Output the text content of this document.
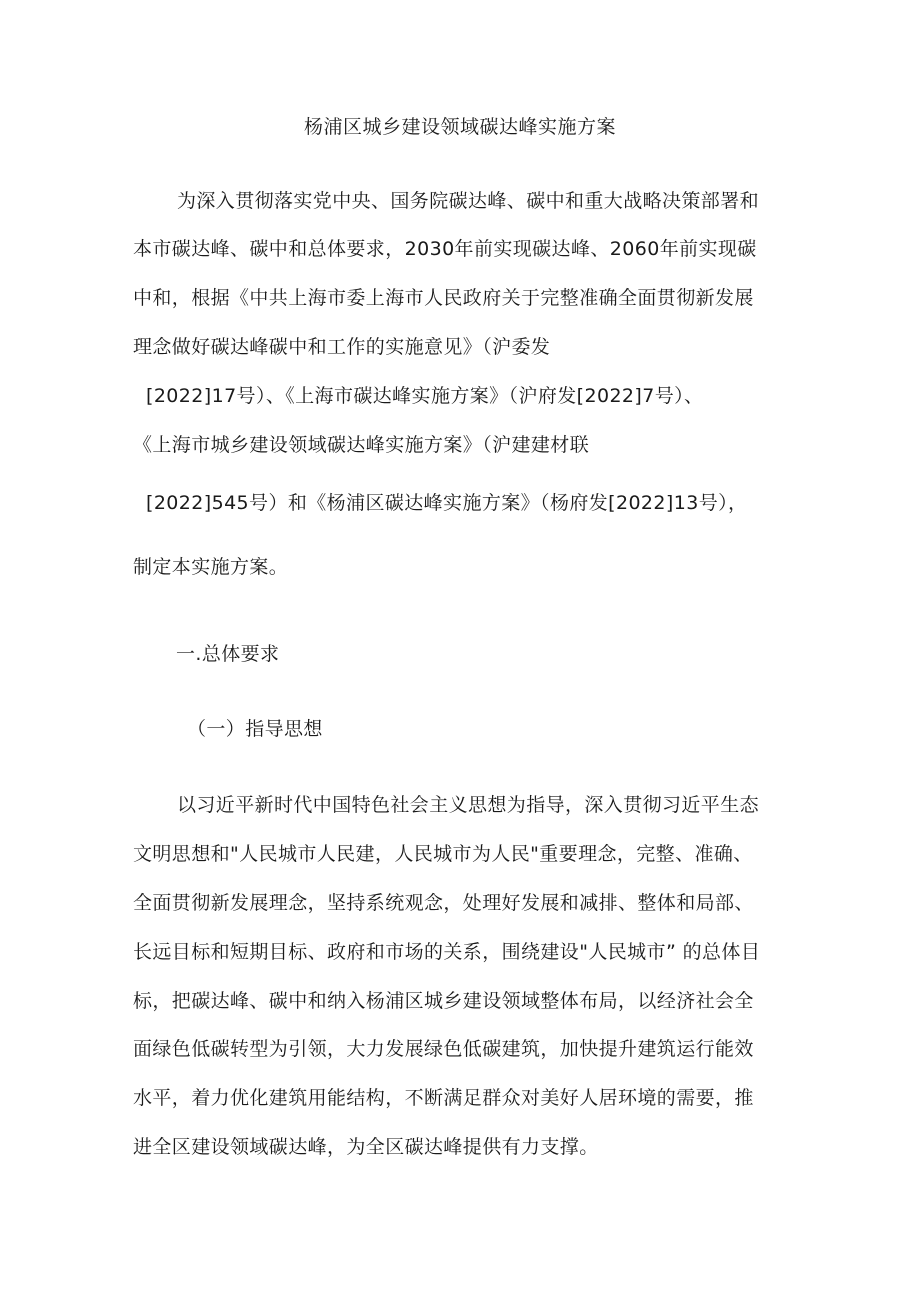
杨浦区城乡建设领域碳达峰实施方案
为深入贯彻落实党中央、国务院碳达峰、碳中和重大战略决策部署和
本市碳达峰、碳中和总体要求，2030年前实现碳达峰、2060年前实现碳
中和，根据《中共上海市委上海市人民政府关于完整准确全面贯彻新发展
理念做好碳达峰碳中和工作的实施意见》（沪委发
[2022]17号）、《上海市碳达峰实施方案》（沪府发[2022]7号）、
《上海市城乡建设领域碳达峰实施方案》（沪建建材联
[2022]545号）和《杨浦区碳达峰实施方案》（杨府发[2022]13号），
制定本实施方案。
一.总体要求
（一）指导思想
以习近平新时代中国特色社会主义思想为指导，深入贯彻习近平生态
文明思想和"人民城市人民建，人民城市为人民"重要理念，完整、准确、
全面贯彻新发展理念，坚持系统观念，处理好发展和减排、整体和局部、
长远目标和短期目标、政府和市场的关系，围绕建设"人民城市” 的总体目
标，把碳达峰、碳中和纳入杨浦区城乡建设领域整体布局，以经济社会全
面绿色低碳转型为引领，大力发展绿色低碳建筑，加快提升建筑运行能效
水平，着力优化建筑用能结构，不断满足群众对美好人居环境的需要，推
进全区建设领域碳达峰，为全区碳达峰提供有力支撑。
